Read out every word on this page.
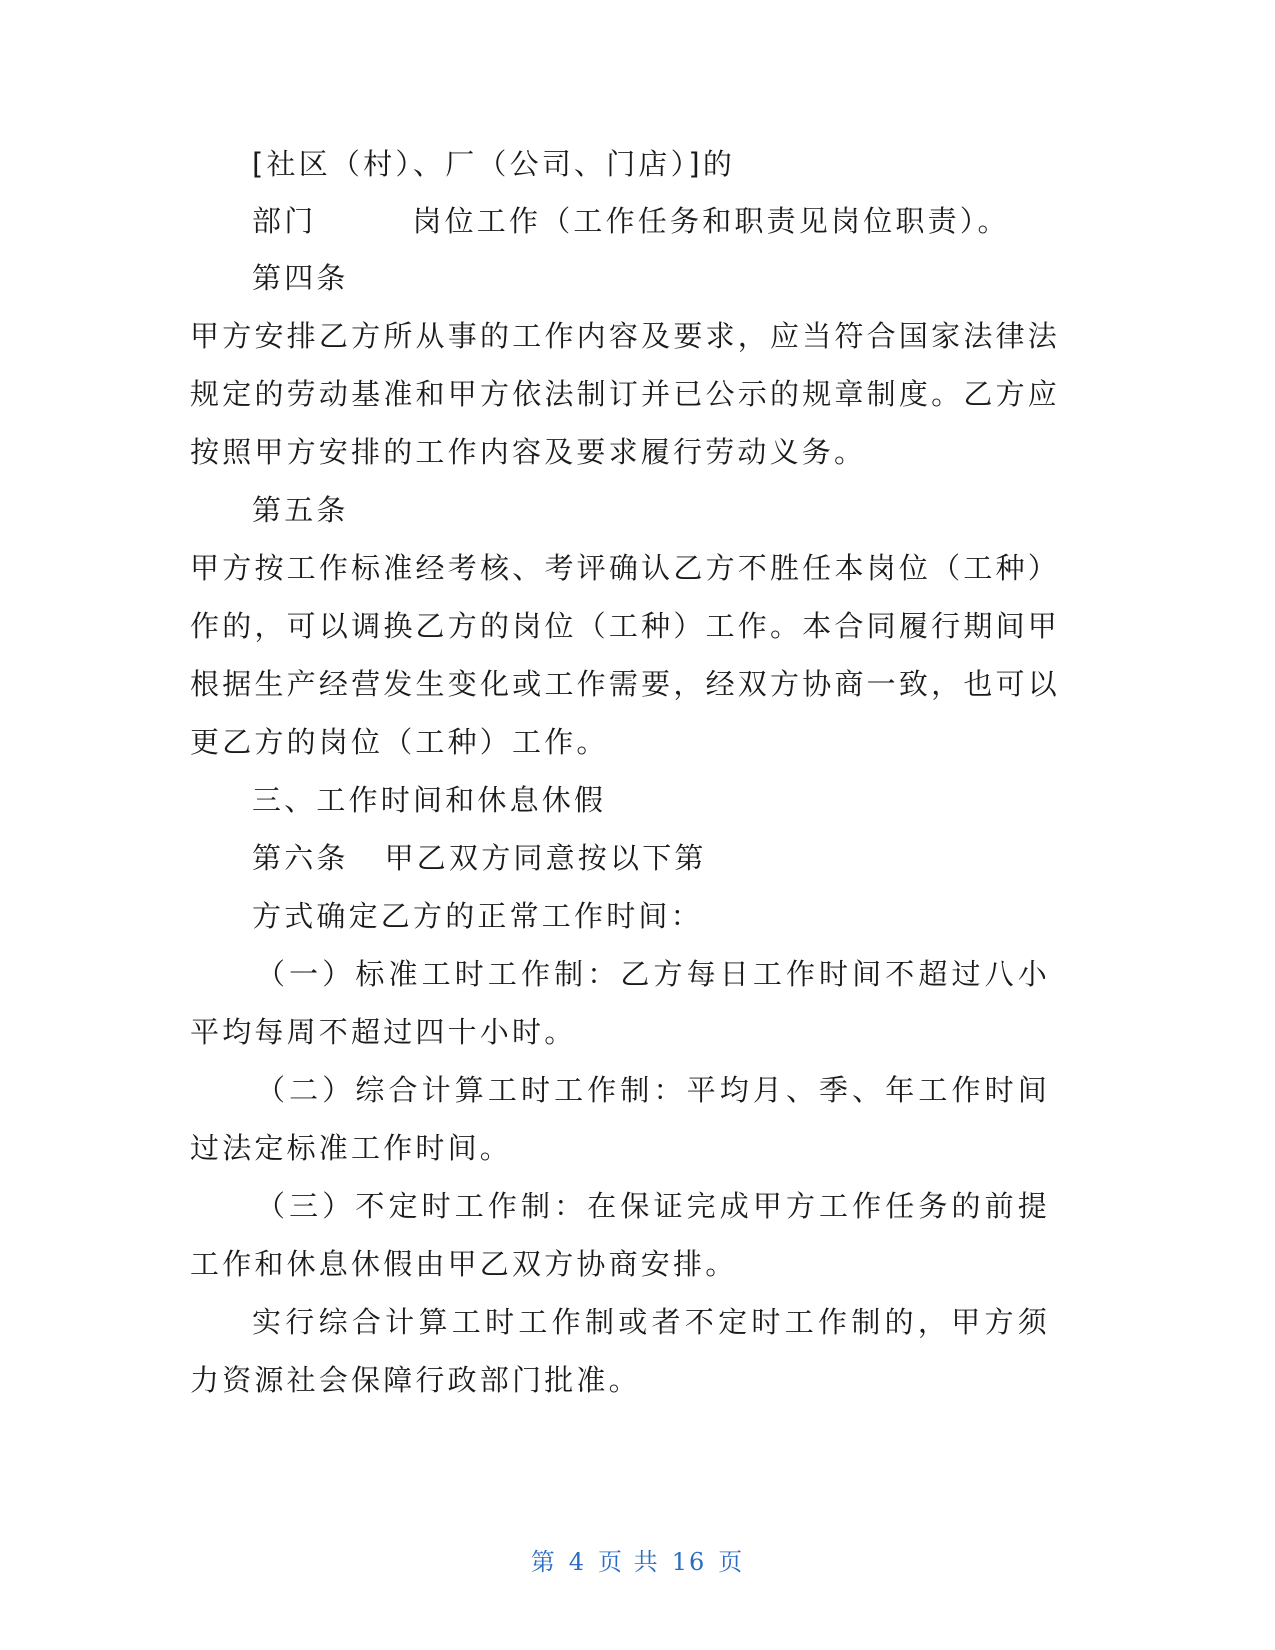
[社区（村）、厂（公司、门店）]的
部门	岗位工作（工作任务和职责见岗位职责）。
第四条
甲方安排乙方所从事的工作内容及要求，应当符合国家法律法
规定的劳动基准和甲方依法制订并已公示的规章制度。乙方应
按照甲方安排的工作内容及要求履行劳动义务。
第五条
甲方按工作标准经考核、考评确认乙方不胜任本岗位（工种）
作的，可以调换乙方的岗位（工种）工作。本合同履行期间甲
根据生产经营发生变化或工作需要，经双方协商一致，也可以
更乙方的岗位（工种）工作。
三、工作时间和休息休假
第六条 甲乙双方同意按以下第
方式确定乙方的正常工作时间：
（一）标准工时工作制：乙方每日工作时间不超过八小
平均每周不超过四十小时。
（二）综合计算工时工作制：平均月、季、年工作时间
过法定标准工作时间。
（三）不定时工作制：在保证完成甲方工作任务的前提
工作和休息休假由甲乙双方协商安排。
实行综合计算工时工作制或者不定时工作制的，甲方须
力资源社会保障行政部门批准。
第 4 页 共 16 页
